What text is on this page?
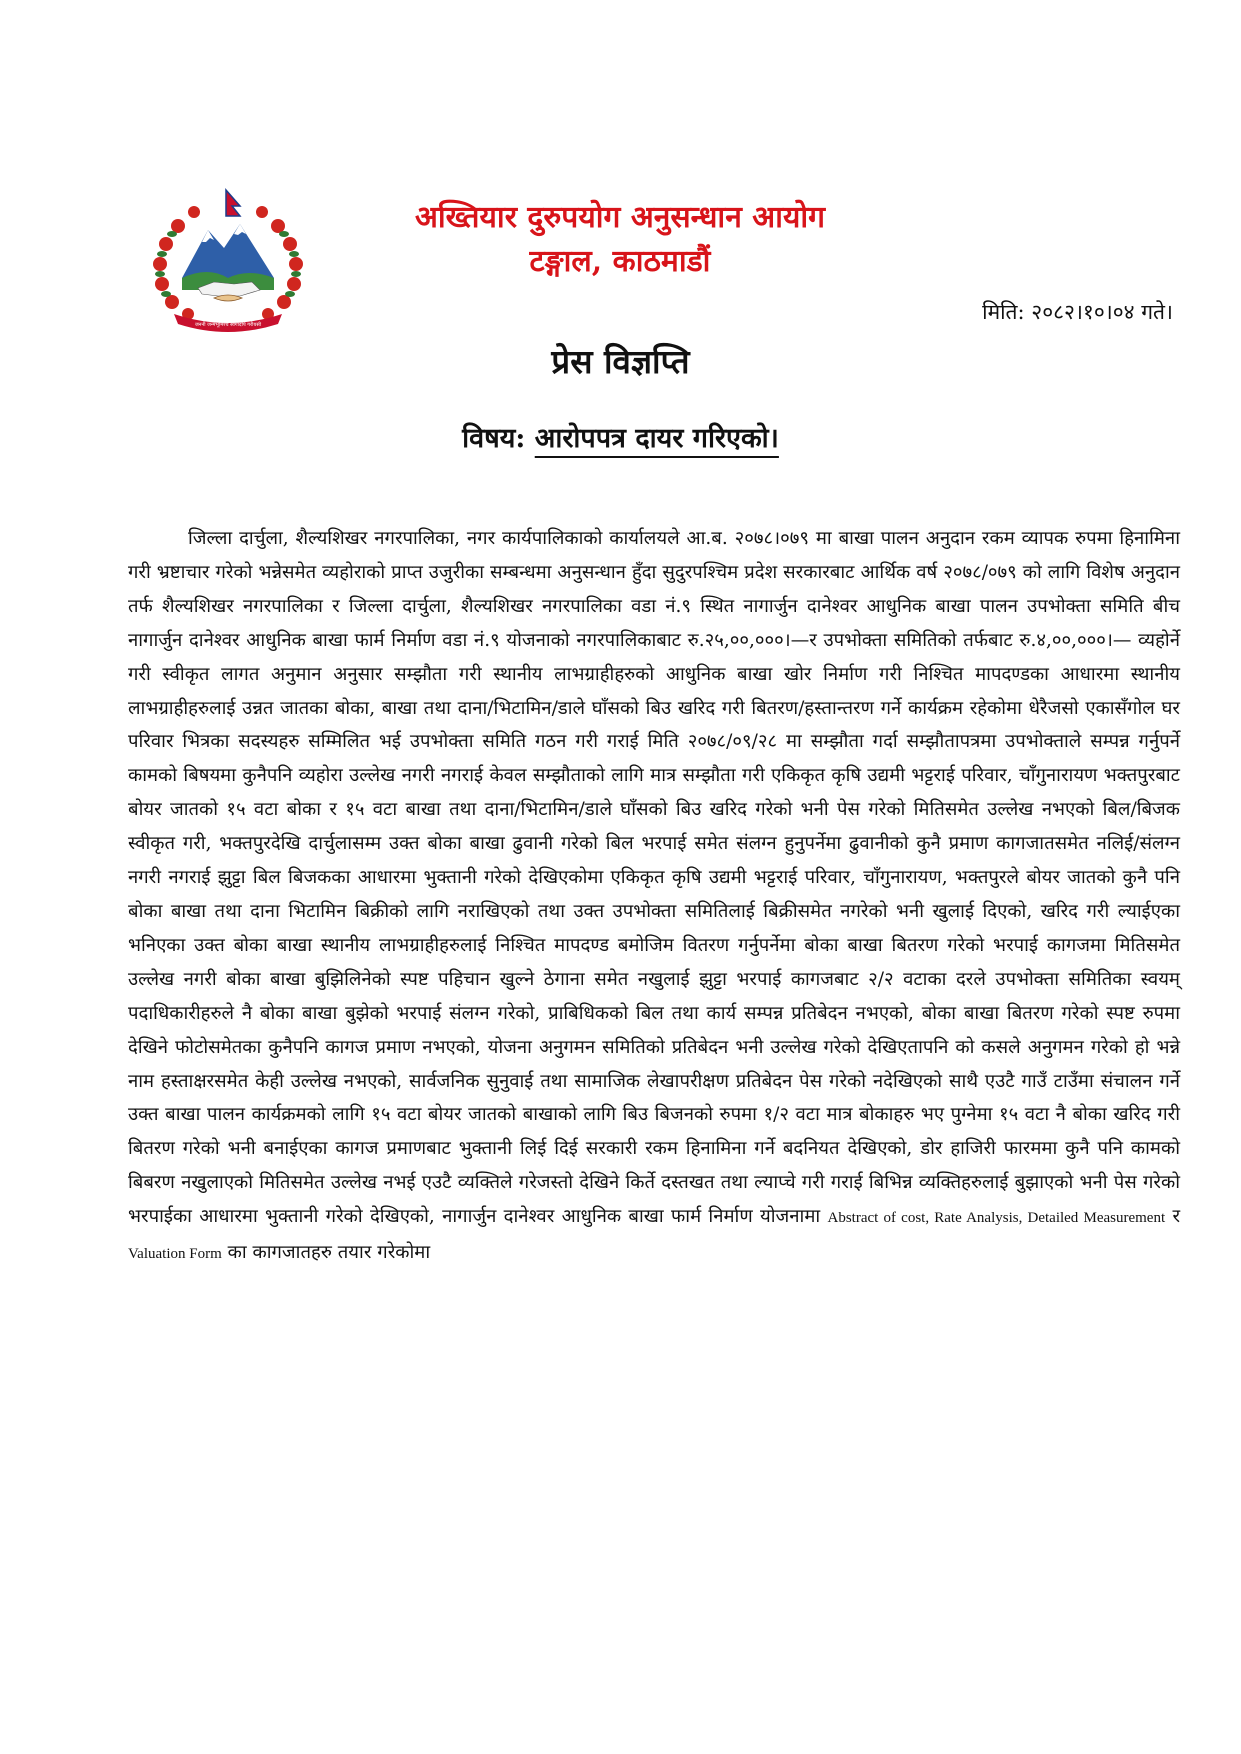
जननी जन्मभूमिश्च स्वर्गादपि गरीयसी
अख्तियार दुरुपयोग अनुसन्धान आयोग
टङ्गाल, काठमाडौं
मिति: २०८२।१०।०४ गते।
प्रेस विज्ञप्ति
विषय: आरोपपत्र दायर गरिएको।

जिल्ला दार्चुला, शैल्यशिखर नगरपालिका, नगर कार्यपालिकाको कार्यालयले आ.ब. २०७८।०७९ मा बाखा पालन अनुदान रकम व्यापक रुपमा हिनामिना गरी भ्रष्टाचार गरेको भन्नेसमेत व्यहोराको प्राप्त उजुरीका सम्बन्धमा अनुसन्धान हुँदा सुदुरपश्चिम प्रदेश सरकारबाट आर्थिक वर्ष २०७८/०७९ को लागि विशेष अनुदान तर्फ शैल्यशिखर नगरपालिका र जिल्ला दार्चुला, शैल्यशिखर नगरपालिका वडा नं.९ स्थित नागार्जुन दानेश्वर आधुनिक बाखा पालन उपभोक्ता समिति बीच नागार्जुन दानेश्वर आधुनिक बाखा फार्म निर्माण वडा नं.९ योजनाको नगरपालिकाबाट रु.२५,००,०००।—र उपभोक्ता समितिको तर्फबाट रु.४,००,०००।— व्यहोर्ने गरी स्वीकृत लागत अनुमान अनुसार सम्झौता गरी स्थानीय लाभग्राहीहरुको आधुनिक बाखा खोर निर्माण गरी निश्चित मापदण्डका आधारमा स्थानीय लाभग्राहीहरुलाई उन्नत जातका बोका, बाखा तथा दाना/भिटामिन/डाले घाँसको बिउ खरिद गरी बितरण/हस्तान्तरण गर्ने कार्यक्रम रहेकोमा धेरैजसो एकासँगोल घर परिवार भित्रका सदस्यहरु सम्मिलित भई उपभोक्ता समिति गठन गरी गराई मिति २०७८/०९/२८ मा सम्झौता गर्दा सम्झौतापत्रमा उपभोक्ताले सम्पन्न गर्नुपर्ने कामको बिषयमा कुनैपनि व्यहोरा उल्लेख नगरी नगराई केवल सम्झौताको लागि मात्र सम्झौता गरी एकिकृत कृषि उद्यमी भट्टराई परिवार, चाँगुनारायण भक्तपुरबाट बोयर जातको १५ वटा बोका र १५ वटा बाखा तथा दाना/भिटामिन/डाले घाँसको बिउ खरिद गरेको भनी पेस गरेको मितिसमेत उल्लेख नभएको बिल/बिजक स्वीकृत गरी, भक्तपुरदेखि दार्चुलासम्म उक्त बोका बाखा ढुवानी गरेको बिल भरपाई समेत संलग्न हुनुपर्नेमा ढुवानीको कुनै प्रमाण कागजातसमेत नलिई/संलग्न नगरी नगराई झुट्टा बिल बिजकका आधारमा भुक्तानी गरेको देखिएकोमा एकिकृत कृषि उद्यमी भट्टराई परिवार, चाँगुनारायण, भक्तपुरले बोयर जातको कुनै पनि बोका बाखा तथा दाना भिटामिन बिक्रीको लागि नराखिएको तथा उक्त उपभोक्ता समितिलाई बिक्रीसमेत नगरेको भनी खुलाई दिएको, खरिद गरी ल्याईएका भनिएका उक्त बोका बाखा स्थानीय लाभग्राहीहरुलाई निश्चित मापदण्ड बमोजिम वितरण गर्नुपर्नेमा बोका बाखा बितरण गरेको भरपाई कागजमा मितिसमेत उल्लेख नगरी बोका बाखा बुझिलिनेको स्पष्ट पहिचान खुल्ने ठेगाना समेत नखुलाई झुट्टा भरपाई कागजबाट २/२ वटाका दरले उपभोक्ता समितिका स्वयम् पदाधिकारीहरुले नै बोका बाखा बुझेको भरपाई संलग्न गरेको, प्राबिधिकको बिल तथा कार्य सम्पन्न प्रतिबेदन नभएको, बोका बाखा बितरण गरेको स्पष्ट रुपमा देखिने फोटोसमेतका कुनैपनि कागज प्रमाण नभएको, योजना अनुगमन समितिको प्रतिबेदन भनी उल्लेख गरेको देखिएतापनि को कसले अनुगमन गरेको हो भन्ने नाम हस्ताक्षरसमेत केही उल्लेख नभएको, सार्वजनिक सुनुवाई तथा सामाजिक लेखापरीक्षण प्रतिबेदन पेस गरेको नदेखिएको साथै एउटै गाउँ टाउँमा संचालन गर्ने उक्त बाखा पालन कार्यक्रमको लागि १५ वटा बोयर जातको बाखाको लागि बिउ बिजनको रुपमा १/२ वटा मात्र बोकाहरु भए पुग्नेमा १५ वटा नै बोका खरिद गरी बितरण गरेको भनी बनाईएका कागज प्रमाणबाट भुक्तानी लिई दिई सरकारी रकम हिनामिना गर्ने बदनियत देखिएको, डोर हाजिरी फारममा कुनै पनि कामको बिबरण नखुलाएको मितिसमेत उल्लेख नभई एउटै व्यक्तिले गरेजस्तो देखिने किर्ते दस्तखत तथा ल्याप्चे गरी गराई बिभिन्न व्यक्तिहरुलाई बुझाएको भनी पेस गरेको भरपाईका आधारमा भुक्तानी गरेको देखिएको, नागार्जुन दानेश्वर आधुनिक बाखा फार्म निर्माण योजनामा Abstract of cost, Rate Analysis, Detailed Measurement र Valuation Form का कागजातहरु तयार गरेकोमा
